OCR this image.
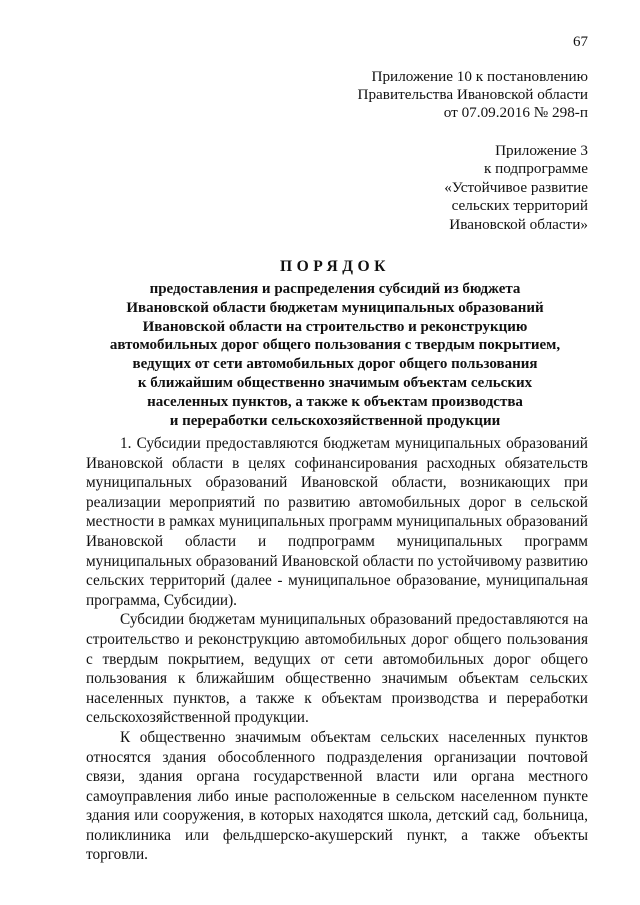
67

Приложение 10 к постановлению

Правительства Ивановской области

от 07.09.2016 № 298-п

Приложение 3

к подпрограмме

«Устойчивое развитие

сельских территорий

Ивановской области»

ПОРЯДОК

предоставления и распределения субсидий из бюджета

Ивановской области бюджетам муниципальных образований

Ивановской области на строительство и реконструкцию

автомобильных дорог общего пользования с твердым покрытием,

ведущих от сети автомобильных дорог общего пользования

к ближайшим общественно значимым объектам сельских

населенных пунктов, а также к объектам производства

и переработки сельскохозяйственной продукции

1. Субсидии предоставляются бюджетам муниципальных образований Ивановской области в целях софинансирования расходных обязательств муниципальных образований Ивановской области, возникающих при реализации мероприятий по развитию автомобильных дорог в сельской местности в рамках муниципальных программ муниципальных образований Ивановской области и подпрограмм муниципальных программ муниципальных образований Ивановской области по устойчивому развитию сельских территорий (далее - муниципальное образование, муниципальная программа, Субсидии).

Субсидии бюджетам муниципальных образований предоставляются на строительство и реконструкцию автомобильных дорог общего пользования с твердым покрытием, ведущих от сети автомобильных дорог общего пользования к ближайшим общественно значимым объектам сельских населенных пунктов, а также к объектам производства и переработки сельскохозяйственной продукции.

К общественно значимым объектам сельских населенных пунктов относятся здания обособленного подразделения организации почтовой связи, здания органа государственной власти или органа местного самоуправления либо иные расположенные в сельском населенном пункте здания или сооружения, в которых находятся школа, детский сад, больница, поликлиника или фельдшерско-акушерский пункт, а также объекты торговли.
